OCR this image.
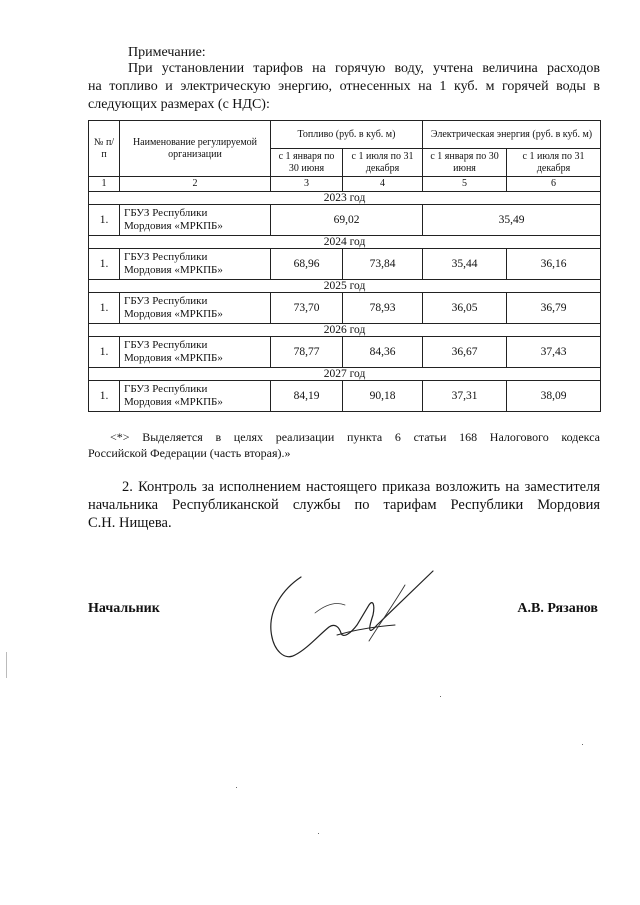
Примечание:

При установлении тарифов на горячую воду, учтена величина расходов

на топливо и электрическую энергию, отнесенных на 1 куб. м горячей воды в

следующих размерах (с НДС):

№ п/п	Наименование регулируемой организации	Топливо (руб. в куб. м)		Электрическая энергия (руб. в куб. м)	
		с 1 января по 30 июня	с 1 июля по 31 декабря	с 1 января по 30 июня	с 1 июля по 31 декабря
1	2	3	4	5	6
2023 год					
1.	ГБУЗ Республики
Мордовия «МРКПБ»	69,02		35,49	
2024 год					
1.	ГБУЗ Республики
Мордовия «МРКПБ»	68,96	73,84	35,44	36,16
2025 год					
1.	ГБУЗ Республики
Мордовия «МРКПБ»	73,70	78,93	36,05	36,79
2026 год					
1.	ГБУЗ Республики
Мордовия «МРКПБ»	78,77	84,36	36,67	37,43
2027 год					
1.	ГБУЗ Республики
Мордовия «МРКПБ»	84,19	90,18	37,31	38,09

<*> Выделяется в целях реализации пункта 6 статьи 168 Налогового кодекса

Российской Федерации (часть вторая).»

2. Контроль за исполнением настоящего приказа возложить на заместителя

начальника Республиканской службы по тарифам Республики Мордовия

С.Н. Нищева.

Начальник	А.В. Рязанов
